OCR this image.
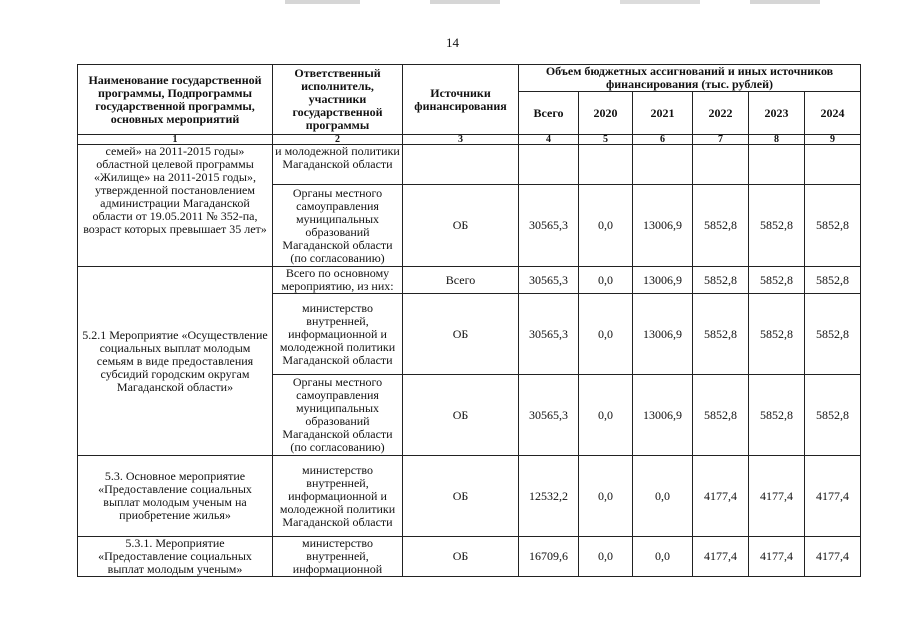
14
Наименование государственной программы, Подпрограммы государственной программы, основных мероприятий	Ответственный исполнитель, участники государственной программы	Источники финансирования	Объем бюджетных ассигнований и иных источников финансирования (тыс. рублей)					
			Всего	2020	2021	2022	2023	2024
1	2	3	4	5	6	7	8	9
семей» на 2011-2015 годы» областной целевой программы «Жилище» на 2011-2015 годы», утвержденной постановлением администрации Магаданской области от 19.05.2011 № 352-па, возраст которых превышает 35 лет»	и молодежной политики Магаданской области							
	Органы местного самоуправления муниципальных образований Магаданской области (по согласованию)	ОБ	30565,3	0,0	13006,9	5852,8	5852,8	5852,8
5.2.1 Мероприятие «Осуществление социальных выплат молодым семьям в виде предоставления субсидий городским округам Магаданской области»	Всего по основному мероприятию, из них:	Всего	30565,3	0,0	13006,9	5852,8	5852,8	5852,8
	министерство внутренней, информационной и молодежной политики Магаданской области	ОБ	30565,3	0,0	13006,9	5852,8	5852,8	5852,8
	Органы местного самоуправления муниципальных образований Магаданской области (по согласованию)	ОБ	30565,3	0,0	13006,9	5852,8	5852,8	5852,8
5.3. Основное мероприятие «Предоставление социальных выплат молодым ученым на приобретение жилья»	министерство внутренней, информационной и молодежной политики Магаданской области	ОБ	12532,2	0,0	0,0	4177,4	4177,4	4177,4
5.3.1. Мероприятие «Предоставление социальных выплат молодым ученым»	министерство внутренней, информационной	ОБ	16709,6	0,0	0,0	4177,4	4177,4	4177,4
